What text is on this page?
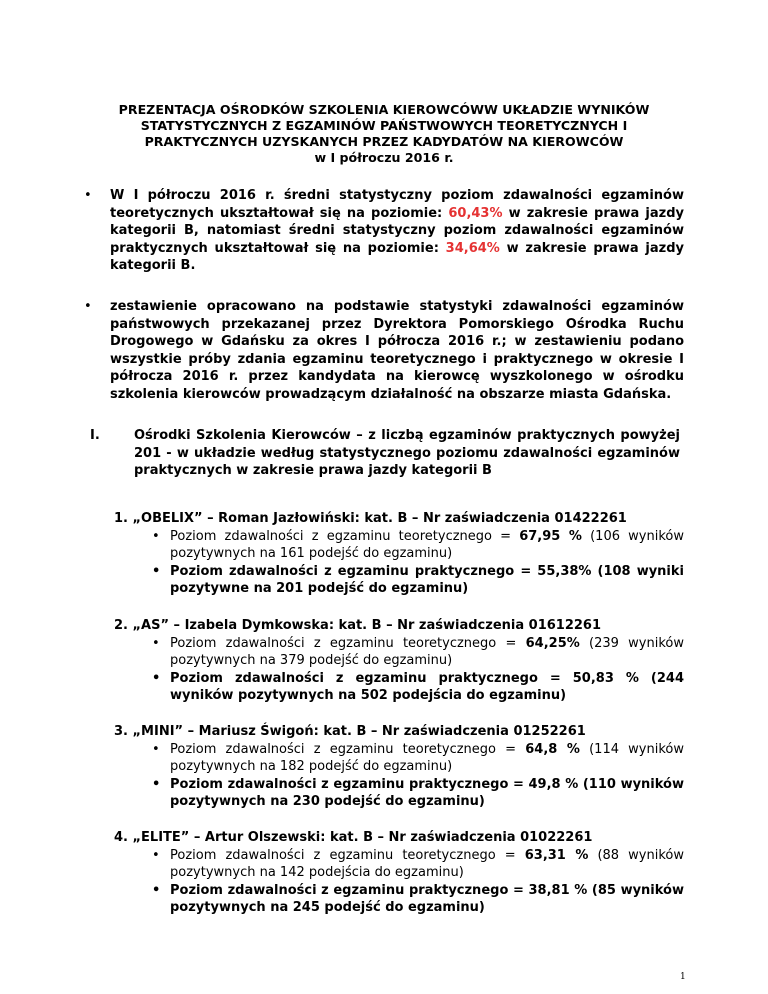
PREZENTACJA OŚRODKÓW SZKOLENIA KIEROWCÓWW UKŁADZIE WYNIKÓW
STATYSTYCZNYCH Z EGZAMINÓW PAŃSTWOWYCH TEORETYCZNYCH I
PRAKTYCZNYCH UZYSKANYCH PRZEZ KADYDATÓW NA KIEROWCÓW
w I półroczu 2016 r.
• W I półroczu 2016 r. średni statystyczny poziom zdawalności egzaminów teoretycznych ukształtował się na poziomie: 60,43% w zakresie prawa jazdy kategorii B, natomiast średni statystyczny poziom zdawalności egzaminów praktycznych ukształtował się na poziomie: 34,64% w zakresie prawa jazdy kategorii B.
• zestawienie opracowano na podstawie statystyki zdawalności egzaminów państwowych przekazanej przez Dyrektora Pomorskiego Ośrodka Ruchu Drogowego w Gdańsku za okres I półrocza 2016 r.; w zestawieniu podano wszystkie próby zdania egzaminu teoretycznego i praktycznego w okresie I półrocza 2016 r. przez kandydata na kierowcę wyszkolonego w ośrodku szkolenia kierowców prowadzącym działalność na obszarze miasta Gdańska.
I.	Ośrodki Szkolenia Kierowców – z liczbą egzaminów praktycznych powyżej 201 - w układzie według statystycznego poziomu zdawalności egzaminów praktycznych w zakresie prawa jazdy kategorii B
1. „OBELIX” – Roman Jazłowiński: kat. B – Nr zaświadczenia 01422261
• Poziom zdawalności z egzaminu teoretycznego = 67,95 % (106 wyników pozytywnych na 161 podejść do egzaminu)
• Poziom zdawalności z egzaminu praktycznego = 55,38% (108 wyniki pozytywne na 201 podejść do egzaminu)
2. „AS” – Izabela Dymkowska: kat. B – Nr zaświadczenia 01612261
• Poziom zdawalności z egzaminu teoretycznego = 64,25% (239 wyników pozytywnych na 379 podejść do egzaminu)
• Poziom zdawalności z egzaminu praktycznego = 50,83 % (244 wyników pozytywnych na 502 podejścia do egzaminu)
3. „MINI” – Mariusz Świgoń: kat. B – Nr zaświadczenia 01252261
• Poziom zdawalności z egzaminu teoretycznego = 64,8 % (114 wyników pozytywnych na 182 podejść do egzaminu)
• Poziom zdawalności z egzaminu praktycznego = 49,8 % (110 wyników pozytywnych na 230 podejść do egzaminu)
4. „ELITE” – Artur Olszewski: kat. B – Nr zaświadczenia 01022261
• Poziom zdawalności z egzaminu teoretycznego = 63,31 % (88 wyników pozytywnych na 142 podejścia do egzaminu)
• Poziom zdawalności z egzaminu praktycznego = 38,81 % (85 wyników pozytywnych na 245 podejść do egzaminu)
1
